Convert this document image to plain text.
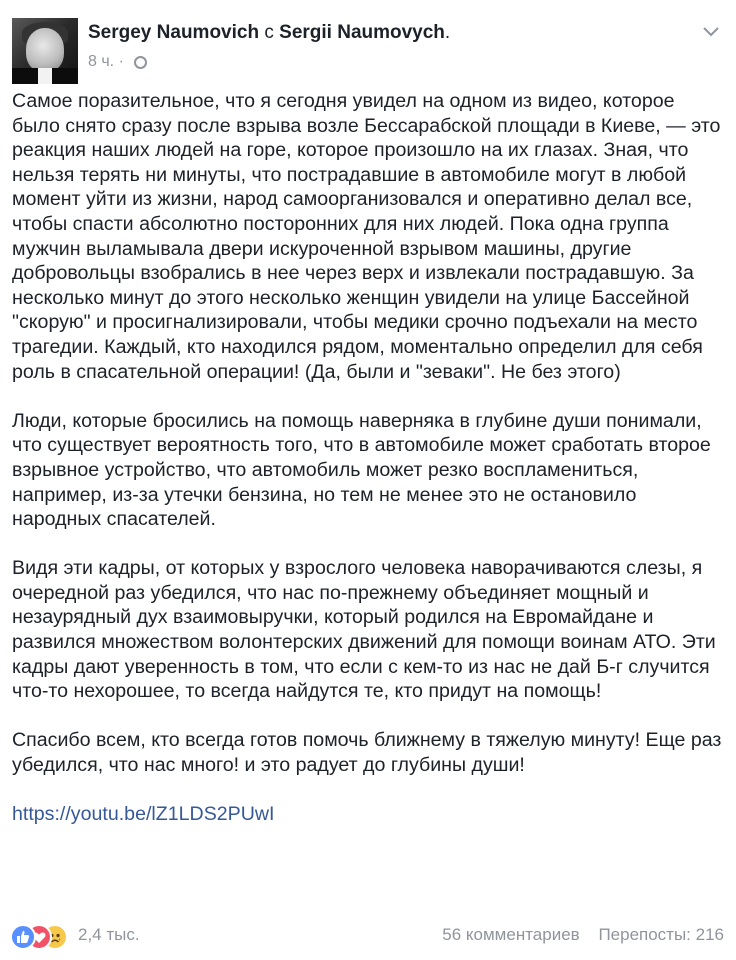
Sergey Naumovich с Sergii Naumovych.
8 ч. ·

Самое поразительное, что я сегодня увидел на одном из видео, которое было снято сразу после взрыва возле Бессарабской площади в Киеве, — это реакция наших людей на горе, которое произошло на их глазах. Зная, что нельзя терять ни минуты, что пострадавшие в автомобиле могут в любой момент уйти из жизни, народ самоорганизовался и оперативно делал все, чтобы спасти абсолютно посторонних для них людей. Пока одна группа мужчин выламывала двери искуроченной взрывом машины, другие добровольцы взобрались в нее через верх и извлекали пострадавшую. За несколько минут до этого несколько женщин увидели на улице Бассейной "скорую" и просигнализировали, чтобы медики срочно подъехали на место трагедии. Каждый, кто находился рядом, моментально определил для себя роль в спасательной операции! (Да, были и "зеваки". Не без этого)

Люди, которые бросились на помощь наверняка в глубине души понимали, что существует вероятность того, что в автомобиле может сработать второе взрывное устройство, что автомобиль может резко воспламениться, например, из-за утечки бензина, но тем не менее это не остановило народных спасателей.

Видя эти кадры, от которых у взрослого человека наворачиваются слезы, я очередной раз убедился, что нас по-прежнему объединяет мощный и незаурядный дух взаимовыручки, который родился на Евромайдане и развился множеством волонтерских движений для помощи воинам АТО. Эти кадры дают уверенность в том, что если с кем-то из нас не дай Б-г случится что-то нехорошее, то всегда найдутся те, кто придут на помощь!

Спасибо всем, кто всегда готов помочь ближнему в тяжелую минуту! Еще раз убедился, что нас много! и это радует до глубины души!

https://youtu.be/lZ1LDS2PUwI
2,4 тыс.	56 комментариев Перепосты: 216
